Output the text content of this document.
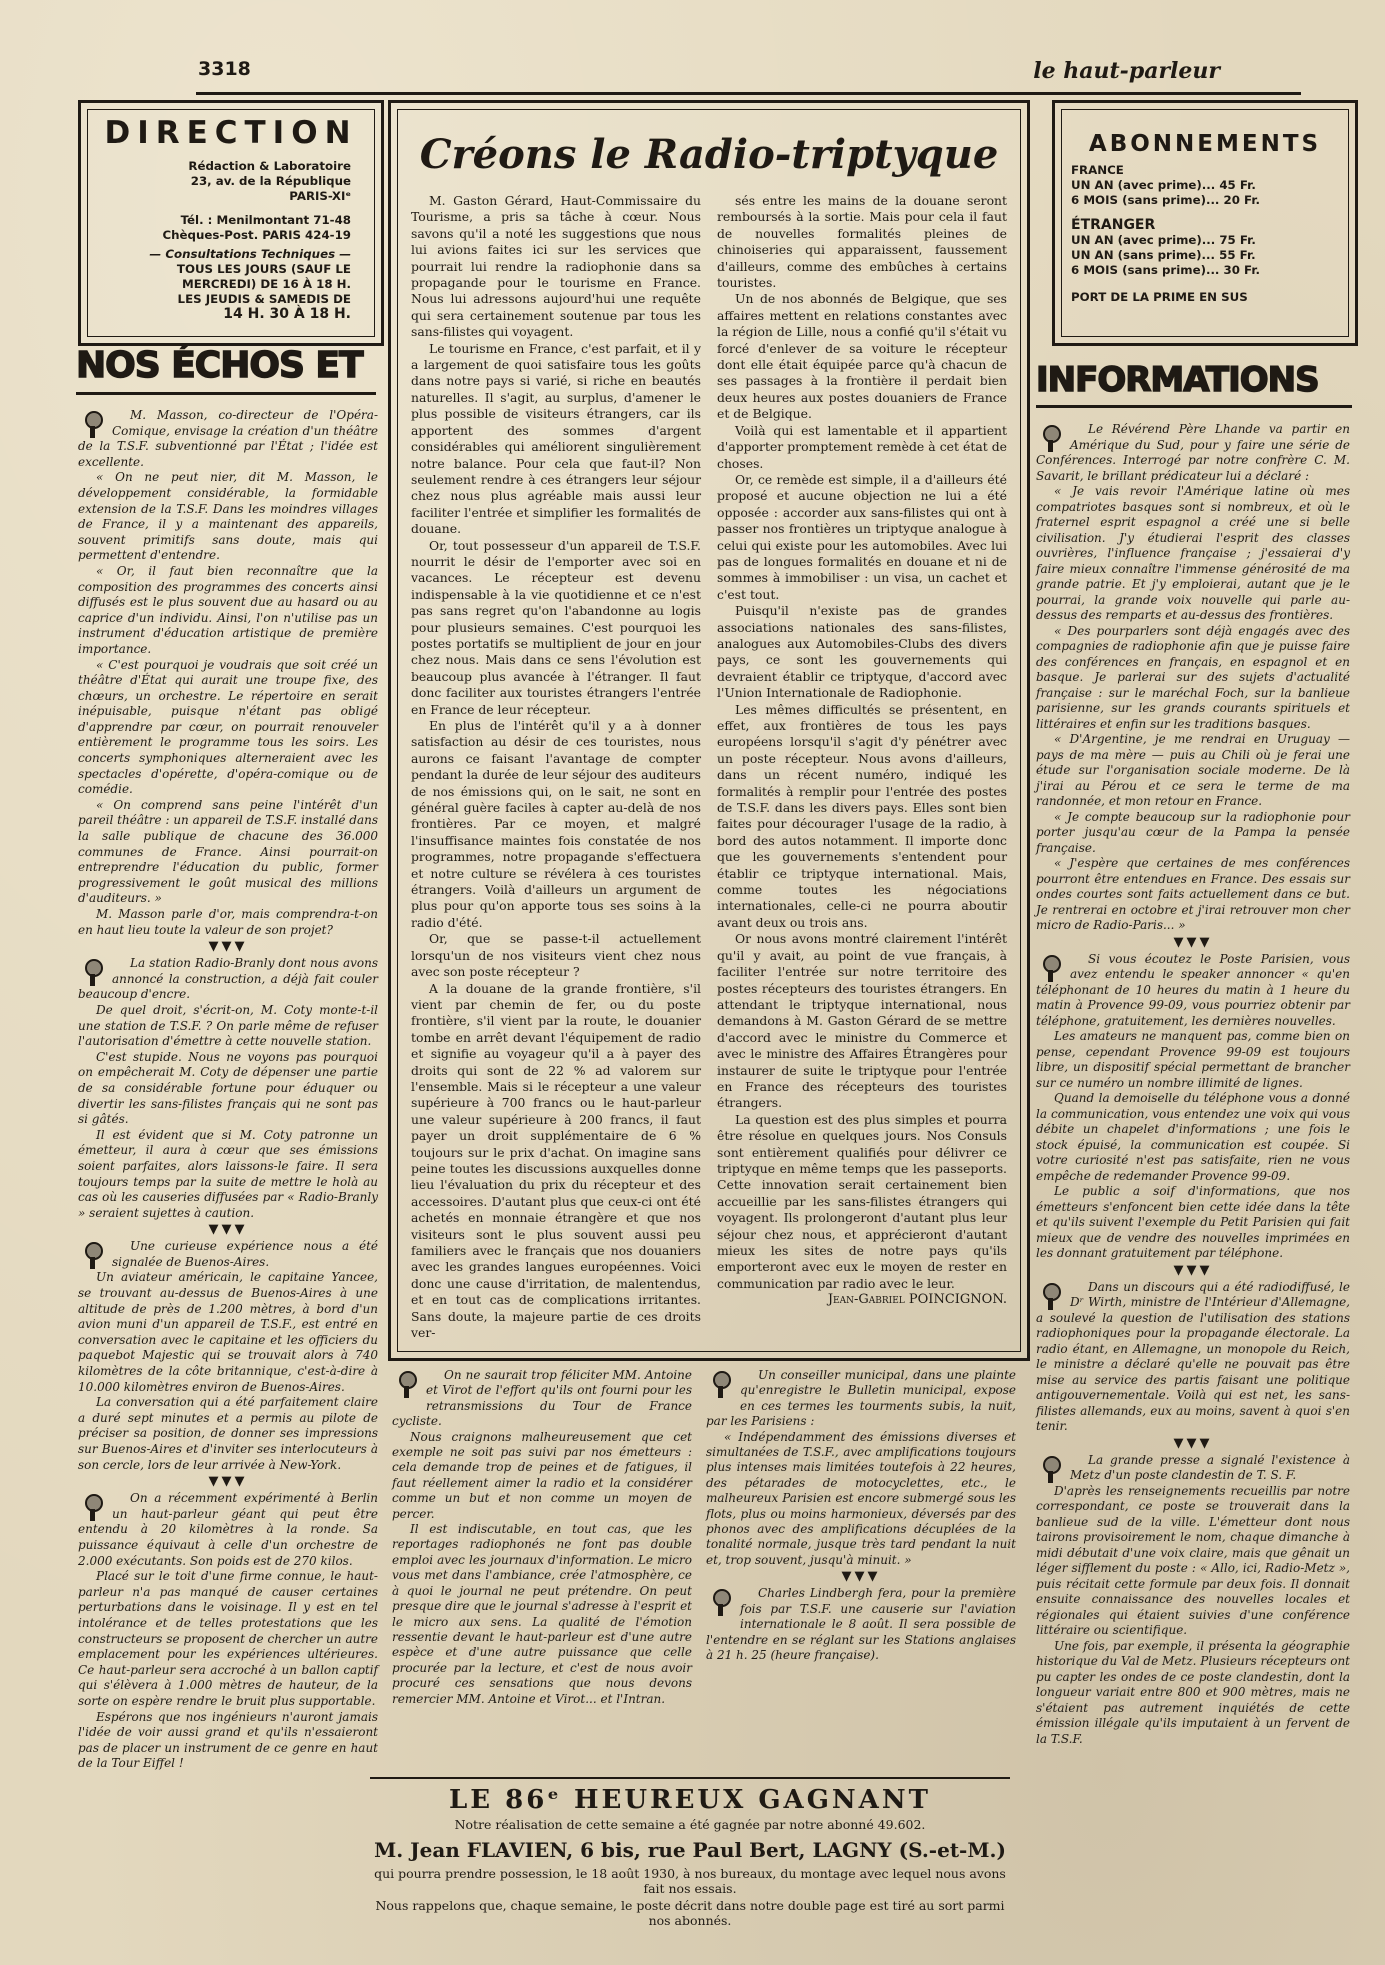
3318	le haut-parleur
DIRECTION
Rédaction & Laboratoire
23, av. de la République
PARIS-XIᵉ
Tél. : Menilmontant 71-48
Chèques-Post. PARIS 424-19
— Consultations Techniques —
TOUS LES JOURS (SAUF LE
MERCREDI) DE 16 À 18 H.
LES JEUDIS & SAMEDIS DE
14 H. 30 À 18 H.
ABONNEMENTS
FRANCE
UN AN (avec prime)... 45 Fr.
6 MOIS (sans prime)... 20 Fr.
ÉTRANGER
UN AN (avec prime)... 75 Fr.
UN AN (sans prime)... 55 Fr.
6 MOIS (sans prime)... 30 Fr.
PORT DE LA PRIME EN SUS
NOS ÉCHOS ET	INFORMATIONS
Créons le Radio-triptyque

M. Gaston Gérard, Haut-Commissaire du Tourisme, a pris sa tâche à cœur. Nous savons qu'il a noté les suggestions que nous lui avions faites ici sur les services que pourrait lui rendre la radiophonie dans sa propagande pour le tourisme en France. Nous lui adressons aujourd'hui une requête qui sera certainement soutenue par tous les sans-filistes qui voyagent.

Le tourisme en France, c'est parfait, et il y a largement de quoi satisfaire tous les goûts dans notre pays si varié, si riche en beautés naturelles. Il s'agit, au surplus, d'amener le plus possible de visiteurs étrangers, car ils apportent des sommes d'argent considérables qui améliorent singulièrement notre balance. Pour cela que faut-il? Non seulement rendre à ces étrangers leur séjour chez nous plus agréable mais aussi leur faciliter l'entrée et simplifier les formalités de douane.

Or, tout possesseur d'un appareil de T.S.F. nourrit le désir de l'emporter avec soi en vacances. Le récepteur est devenu indispensable à la vie quotidienne et ce n'est pas sans regret qu'on l'abandonne au logis pour plusieurs semaines. C'est pourquoi les postes portatifs se multiplient de jour en jour chez nous. Mais dans ce sens l'évolution est beaucoup plus avancée à l'étranger. Il faut donc faciliter aux touristes étrangers l'entrée en France de leur récepteur.

En plus de l'intérêt qu'il y a à donner satisfaction au désir de ces touristes, nous aurons ce faisant l'avantage de compter pendant la durée de leur séjour des auditeurs de nos émissions qui, on le sait, ne sont en général guère faciles à capter au-delà de nos frontières. Par ce moyen, et malgré l'insuffisance maintes fois constatée de nos programmes, notre propagande s'effectuera et notre culture se révélera à ces touristes étrangers. Voilà d'ailleurs un argument de plus pour qu'on apporte tous ses soins à la radio d'été.

Or, que se passe-t-il actuellement lorsqu'un de nos visiteurs vient chez nous avec son poste récepteur ?

A la douane de la grande frontière, s'il vient par chemin de fer, ou du poste frontière, s'il vient par la route, le douanier tombe en arrêt devant l'équipement de radio et signifie au voyageur qu'il a à payer des droits qui sont de 22 % ad valorem sur l'ensemble. Mais si le récepteur a une valeur supérieure à 700 francs ou le haut-parleur une valeur supérieure à 200 francs, il faut payer un droit supplémentaire de 6 % toujours sur le prix d'achat. On imagine sans peine toutes les discussions auxquelles donne lieu l'évaluation du prix du récepteur et des accessoires. D'autant plus que ceux-ci ont été achetés en monnaie étrangère et que nos visiteurs sont le plus souvent aussi peu familiers avec le français que nos douaniers avec les grandes langues européennes. Voici donc une cause d'irritation, de malentendus, et en tout cas de complications irritantes. Sans doute, la majeure partie de ces droits ver-

sés entre les mains de la douane seront remboursés à la sortie. Mais pour cela il faut de nouvelles formalités pleines de chinoiseries qui apparaissent, faussement d'ailleurs, comme des embûches à certains touristes.

Un de nos abonnés de Belgique, que ses affaires mettent en relations constantes avec la région de Lille, nous a confié qu'il s'était vu forcé d'enlever de sa voiture le récepteur dont elle était équipée parce qu'à chacun de ses passages à la frontière il perdait bien deux heures aux postes douaniers de France et de Belgique.

Voilà qui est lamentable et il appartient d'apporter promptement remède à cet état de choses.

Or, ce remède est simple, il a d'ailleurs été proposé et aucune objection ne lui a été opposée : accorder aux sans-filistes qui ont à passer nos frontières un triptyque analogue à celui qui existe pour les automobiles. Avec lui pas de longues formalités en douane et ni de sommes à immobiliser : un visa, un cachet et c'est tout.

Puisqu'il n'existe pas de grandes associations nationales des sans-filistes, analogues aux Automobiles-Clubs des divers pays, ce sont les gouvernements qui devraient établir ce triptyque, d'accord avec l'Union Internationale de Radiophonie.

Les mêmes difficultés se présentent, en effet, aux frontières de tous les pays européens lorsqu'il s'agit d'y pénétrer avec un poste récepteur. Nous avons d'ailleurs, dans un récent numéro, indiqué les formalités à remplir pour l'entrée des postes de T.S.F. dans les divers pays. Elles sont bien faites pour décourager l'usage de la radio, à bord des autos notamment. Il importe donc que les gouvernements s'entendent pour établir ce triptyque international. Mais, comme toutes les négociations internationales, celle-ci ne pourra aboutir avant deux ou trois ans.

Or nous avons montré clairement l'intérêt qu'il y avait, au point de vue français, à faciliter l'entrée sur notre territoire des postes récepteurs des touristes étrangers. En attendant le triptyque international, nous demandons à M. Gaston Gérard de se mettre d'accord avec le ministre du Commerce et avec le ministre des Affaires Étrangères pour instaurer de suite le triptyque pour l'entrée en France des récepteurs des touristes étrangers.

La question est des plus simples et pourra être résolue en quelques jours. Nos Consuls sont entièrement qualifiés pour délivrer ce triptyque en même temps que les passeports. Cette innovation serait certainement bien accueillie par les sans-filistes étrangers qui voyagent. Ils prolongeront d'autant plus leur séjour chez nous, et apprécieront d'autant mieux les sites de notre pays qu'ils emporteront avec eux le moyen de rester en communication par radio avec le leur.

Jean-Gabriel POINCIGNON.

M. Masson, co-directeur de l'Opéra-Comique, envisage la création d'un théâtre de la T.S.F. subventionné par l'État ; l'idée est excellente.

« On ne peut nier, dit M. Masson, le développement considérable, la formidable extension de la T.S.F. Dans les moindres villages de France, il y a maintenant des appareils, souvent primitifs sans doute, mais qui permettent d'entendre.

« Or, il faut bien reconnaître que la composition des programmes des concerts ainsi diffusés est le plus souvent due au hasard ou au caprice d'un individu. Ainsi, l'on n'utilise pas un instrument d'éducation artistique de première importance.

« C'est pourquoi je voudrais que soit créé un théâtre d'État qui aurait une troupe fixe, des chœurs, un orchestre. Le répertoire en serait inépuisable, puisque n'étant pas obligé d'apprendre par cœur, on pourrait renouveler entièrement le programme tous les soirs. Les concerts symphoniques alterneraient avec les spectacles d'opérette, d'opéra-comique ou de comédie.

« On comprend sans peine l'intérêt d'un pareil théâtre : un appareil de T.S.F. installé dans la salle publique de chacune des 36.000 communes de France. Ainsi pourrait-on entreprendre l'éducation du public, former progressivement le goût musical des millions d'auditeurs. »

M. Masson parle d'or, mais comprendra-t-on en haut lieu toute la valeur de son projet?

▼▼▼

La station Radio-Branly dont nous avons annoncé la construction, a déjà fait couler beaucoup d'encre.

De quel droit, s'écrit-on, M. Coty monte-t-il une station de T.S.F. ? On parle même de refuser l'autorisation d'émettre à cette nouvelle station.

C'est stupide. Nous ne voyons pas pourquoi on empêcherait M. Coty de dépenser une partie de sa considérable fortune pour éduquer ou divertir les sans-filistes français qui ne sont pas si gâtés.

Il est évident que si M. Coty patronne un émetteur, il aura à cœur que ses émissions soient parfaites, alors laissons-le faire. Il sera toujours temps par la suite de mettre le holà au cas où les causeries diffusées par « Radio-Branly » seraient sujettes à caution.

▼▼▼

Une curieuse expérience nous a été signalée de Buenos-Aires.

Un aviateur américain, le capitaine Yancee, se trouvant au-dessus de Buenos-Aires à une altitude de près de 1.200 mètres, à bord d'un avion muni d'un appareil de T.S.F., est entré en conversation avec le capitaine et les officiers du paquebot Majestic qui se trouvait alors à 740 kilomètres de la côte britannique, c'est-à-dire à 10.000 kilomètres environ de Buenos-Aires.

La conversation qui a été parfaitement claire a duré sept minutes et a permis au pilote de préciser sa position, de donner ses impressions sur Buenos-Aires et d'inviter ses interlocuteurs à son cercle, lors de leur arrivée à New-York.

▼▼▼

On a récemment expérimenté à Berlin un haut-parleur géant qui peut être entendu à 20 kilomètres à la ronde. Sa puissance équivaut à celle d'un orchestre de 2.000 exécutants. Son poids est de 270 kilos.

Placé sur le toit d'une firme connue, le haut-parleur n'a pas manqué de causer certaines perturbations dans le voisinage. Il y est en tel intolérance et de telles protestations que les constructeurs se proposent de chercher un autre emplacement pour les expériences ultérieures. Ce haut-parleur sera accroché à un ballon captif qui s'élèvera à 1.000 mètres de hauteur, de la sorte on espère rendre le bruit plus supportable.

Espérons que nos ingénieurs n'auront jamais l'idée de voir aussi grand et qu'ils n'essaieront pas de placer un instrument de ce genre en haut de la Tour Eiffel !

On ne saurait trop féliciter MM. Antoine et Virot de l'effort qu'ils ont fourni pour les retransmissions du Tour de France cycliste.

Nous craignons malheureusement que cet exemple ne soit pas suivi par nos émetteurs : cela demande trop de peines et de fatigues, il faut réellement aimer la radio et la considérer comme un but et non comme un moyen de percer.

Il est indiscutable, en tout cas, que les reportages radiophonés ne font pas double emploi avec les journaux d'information. Le micro vous met dans l'ambiance, crée l'atmosphère, ce à quoi le journal ne peut prétendre. On peut presque dire que le journal s'adresse à l'esprit et le micro aux sens. La qualité de l'émotion ressentie devant le haut-parleur est d'une autre espèce et d'une autre puissance que celle procurée par la lecture, et c'est de nous avoir procuré ces sensations que nous devons remercier MM. Antoine et Virot... et l'Intran.

Un conseiller municipal, dans une plainte qu'enregistre le Bulletin municipal, expose en ces termes les tourments subis, la nuit, par les Parisiens :

« Indépendamment des émissions diverses et simultanées de T.S.F., avec amplifications toujours plus intenses mais limitées toutefois à 22 heures, des pétarades de motocyclettes, etc., le malheureux Parisien est encore submergé sous les flots, plus ou moins harmonieux, déversés par des phonos avec des amplifications décuplées de la tonalité normale, jusque très tard pendant la nuit et, trop souvent, jusqu'à minuit. »

▼▼▼

Charles Lindbergh fera, pour la première fois par T.S.F. une causerie sur l'aviation internationale le 8 août. Il sera possible de l'entendre en se réglant sur les Stations anglaises à 21 h. 25 (heure française).

LE 86ᵉ HEUREUX GAGNANT
Notre réalisation de cette semaine a été gagnée par notre abonné 49.602.
M. Jean FLAVIEN, 6 bis, rue Paul Bert, LAGNY (S.-et-M.)
qui pourra prendre possession, le 18 août 1930, à nos bureaux, du montage avec lequel nous avons fait nos essais.
Nous rappelons que, chaque semaine, le poste décrit dans notre double page est tiré au sort parmi nos abonnés.

Le Révérend Père Lhande va partir en Amérique du Sud, pour y faire une série de Conférences. Interrogé par notre confrère C. M. Savarit, le brillant prédicateur lui a déclaré :

« Je vais revoir l'Amérique latine où mes compatriotes basques sont si nombreux, et où le fraternel esprit espagnol a créé une si belle civilisation. J'y étudierai l'esprit des classes ouvrières, l'influence française ; j'essaierai d'y faire mieux connaître l'immense générosité de ma grande patrie. Et j'y emploierai, autant que je le pourrai, la grande voix nouvelle qui parle au-dessus des remparts et au-dessus des frontières.

« Des pourparlers sont déjà engagés avec des compagnies de radiophonie afin que je puisse faire des conférences en français, en espagnol et en basque. Je parlerai sur des sujets d'actualité française : sur le maréchal Foch, sur la banlieue parisienne, sur les grands courants spirituels et littéraires et enfin sur les traditions basques.

« D'Argentine, je me rendrai en Uruguay — pays de ma mère — puis au Chili où je ferai une étude sur l'organisation sociale moderne. De là j'irai au Pérou et ce sera le terme de ma randonnée, et mon retour en France.

« Je compte beaucoup sur la radiophonie pour porter jusqu'au cœur de la Pampa la pensée française.

« J'espère que certaines de mes conférences pourront être entendues en France. Des essais sur ondes courtes sont faits actuellement dans ce but. Je rentrerai en octobre et j'irai retrouver mon cher micro de Radio-Paris... »

▼▼▼

Si vous écoutez le Poste Parisien, vous avez entendu le speaker annoncer « qu'en téléphonant de 10 heures du matin à 1 heure du matin à Provence 99-09, vous pourriez obtenir par téléphone, gratuitement, les dernières nouvelles.

Les amateurs ne manquent pas, comme bien on pense, cependant Provence 99-09 est toujours libre, un dispositif spécial permettant de brancher sur ce numéro un nombre illimité de lignes.

Quand la demoiselle du téléphone vous a donné la communication, vous entendez une voix qui vous débite un chapelet d'informations ; une fois le stock épuisé, la communication est coupée. Si votre curiosité n'est pas satisfaite, rien ne vous empêche de redemander Provence 99-09.

Le public a soif d'informations, que nos émetteurs s'enfoncent bien cette idée dans la tête et qu'ils suivent l'exemple du Petit Parisien qui fait mieux que de vendre des nouvelles imprimées en les donnant gratuitement par téléphone.

▼▼▼

Dans un discours qui a été radiodiffusé, le Dʳ Wirth, ministre de l'Intérieur d'Allemagne, a soulevé la question de l'utilisation des stations radiophoniques pour la propagande électorale. La radio étant, en Allemagne, un monopole du Reich, le ministre a déclaré qu'elle ne pouvait pas être mise au service des partis faisant une politique antigouvernementale. Voilà qui est net, les sans-filistes allemands, eux au moins, savent à quoi s'en tenir.

▼▼▼

La grande presse a signalé l'existence à Metz d'un poste clandestin de T. S. F.

D'après les renseignements recueillis par notre correspondant, ce poste se trouverait dans la banlieue sud de la ville. L'émetteur dont nous tairons provisoirement le nom, chaque dimanche à midi débutait d'une voix claire, mais que gênait un léger sifflement du poste : « Allo, ici, Radio-Metz », puis récitait cette formule par deux fois. Il donnait ensuite connaissance des nouvelles locales et régionales qui étaient suivies d'une conférence littéraire ou scientifique.

Une fois, par exemple, il présenta la géographie historique du Val de Metz. Plusieurs récepteurs ont pu capter les ondes de ce poste clandestin, dont la longueur variait entre 800 et 900 mètres, mais ne s'étaient pas autrement inquiétés de cette émission illégale qu'ils imputaient à un fervent de la T.S.F.
